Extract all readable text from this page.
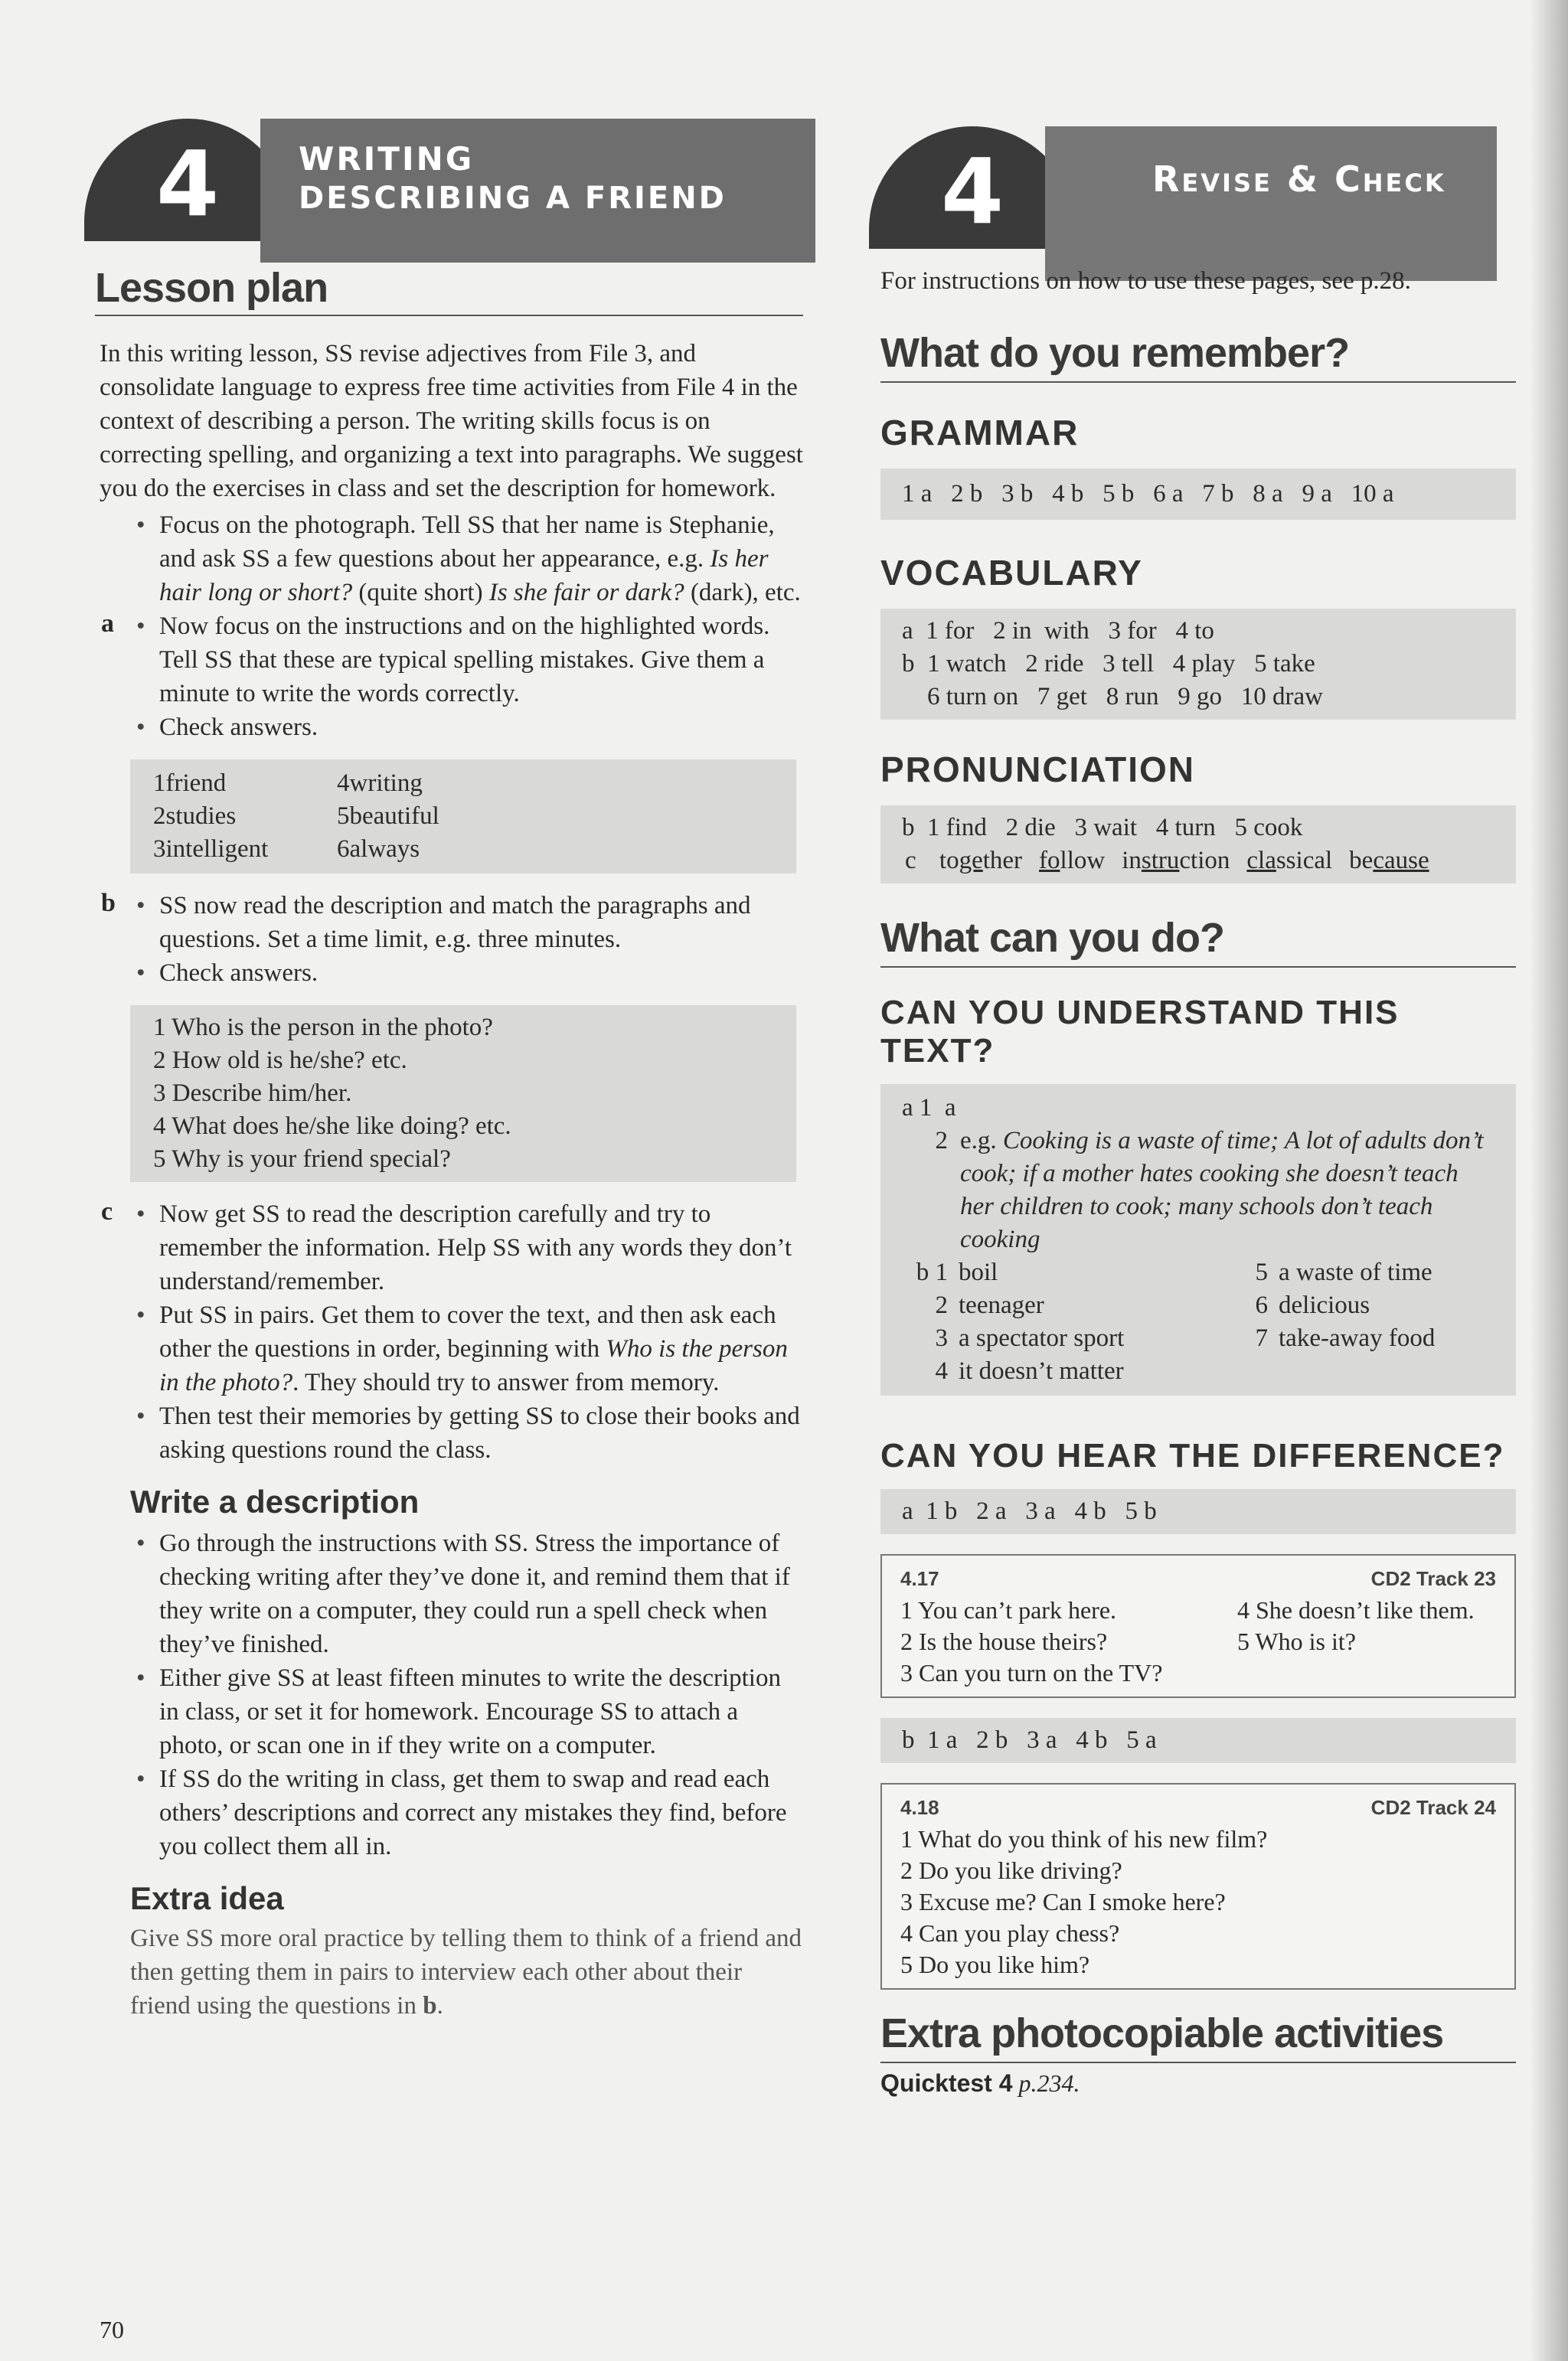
4	WRITING
DESCRIBING A FRIEND
Lesson plan

In this writing lesson, SS revise adjectives from File 3, and consolidate language to express free time activities from File 4 in the context of describing a person. The writing skills focus is on correcting spelling, and organizing a text into paragraphs. We suggest you do the exercises in class and set the description for homework.

• Focus on the photograph. Tell SS that her name is Stephanie, and ask SS a few questions about her appearance, e.g. Is her hair long or short? (quite short) Is she fair or dark? (dark), etc.
a	• Now focus on the instructions and on the highlighted words. Tell SS that these are typical spelling mistakes. Give them a minute to write the words correctly.
• Check answers.
1friend	4writing
2studies	5beautiful
3intelligent	6always
b	• SS now read the description and match the paragraphs and questions. Set a time limit, e.g. three minutes.
• Check answers.
1 Who is the person in the photo?
2 How old is he/she? etc.
3 Describe him/her.
4 What does he/she like doing? etc.
5 Why is your friend special?
c	• Now get SS to read the description carefully and try to remember the information. Help SS with any words they don’t understand/remember.
• Put SS in pairs. Get them to cover the text, and then ask each other the questions in order, beginning with Who is the person in the photo?. They should try to answer from memory.
• Then test their memories by getting SS to close their books and asking questions round the class.
Write a description
• Go through the instructions with SS. Stress the importance of checking writing after they’ve done it, and remind them that if they write on a computer, they could run a spell check when they’ve finished.
• Either give SS at least fifteen minutes to write the description in class, or set it for homework. Encourage SS to attach a photo, or scan one in if they write on a computer.
• If SS do the writing in class, get them to swap and read each others’ descriptions and correct any mistakes they find, before you collect them all in.
Extra idea

Give SS more oral practice by telling them to think of a friend and then getting them in pairs to interview each other about their friend using the questions in b.

70
4	Revise & Check

For instructions on how to use these pages, see p.28.

What do you remember?
GRAMMAR
1 a   2 b   3 b   4 b   5 b   6 a   7 b   8 a   9 a   10 a
VOCABULARY
a  1 for   2 in  with   3 for   4 to
b  1 watch   2 ride   3 tell   4 play   5 take
6 turn on   7 get   8 run   9 go   10 draw
PRONUNCIATION
b  1 find   2 die   3 wait   4 turn   5 cook
c together follow instruction classical because
What can you do?
CAN YOU UNDERSTAND THIS TEXT?
a 1  a
2 e.g. Cooking is a waste of time; A lot of adults don’t cook; if a mother hates cooking she doesn’t teach her children to cook; many schools don’t teach cooking
b 1 boil	5 a waste of time
2 teenager	6 delicious
3 a spectator sport	7 take-away food
4 it doesn’t matter
CAN YOU HEAR THE DIFFERENCE?
a  1 b   2 a   3 a   4 b   5 b
4.17	CD2 Track 23
1 You can’t park here.	4 She doesn’t like them.
2 Is the house theirs?	5 Who is it?
3 Can you turn on the TV?
b  1 a   2 b   3 a   4 b   5 a
4.18	CD2 Track 24
1 What do you think of his new film?
2 Do you like driving?
3 Excuse me? Can I smoke here?
4 Can you play chess?
5 Do you like him?
Extra photocopiable activities
Quicktest 4 p.234.
